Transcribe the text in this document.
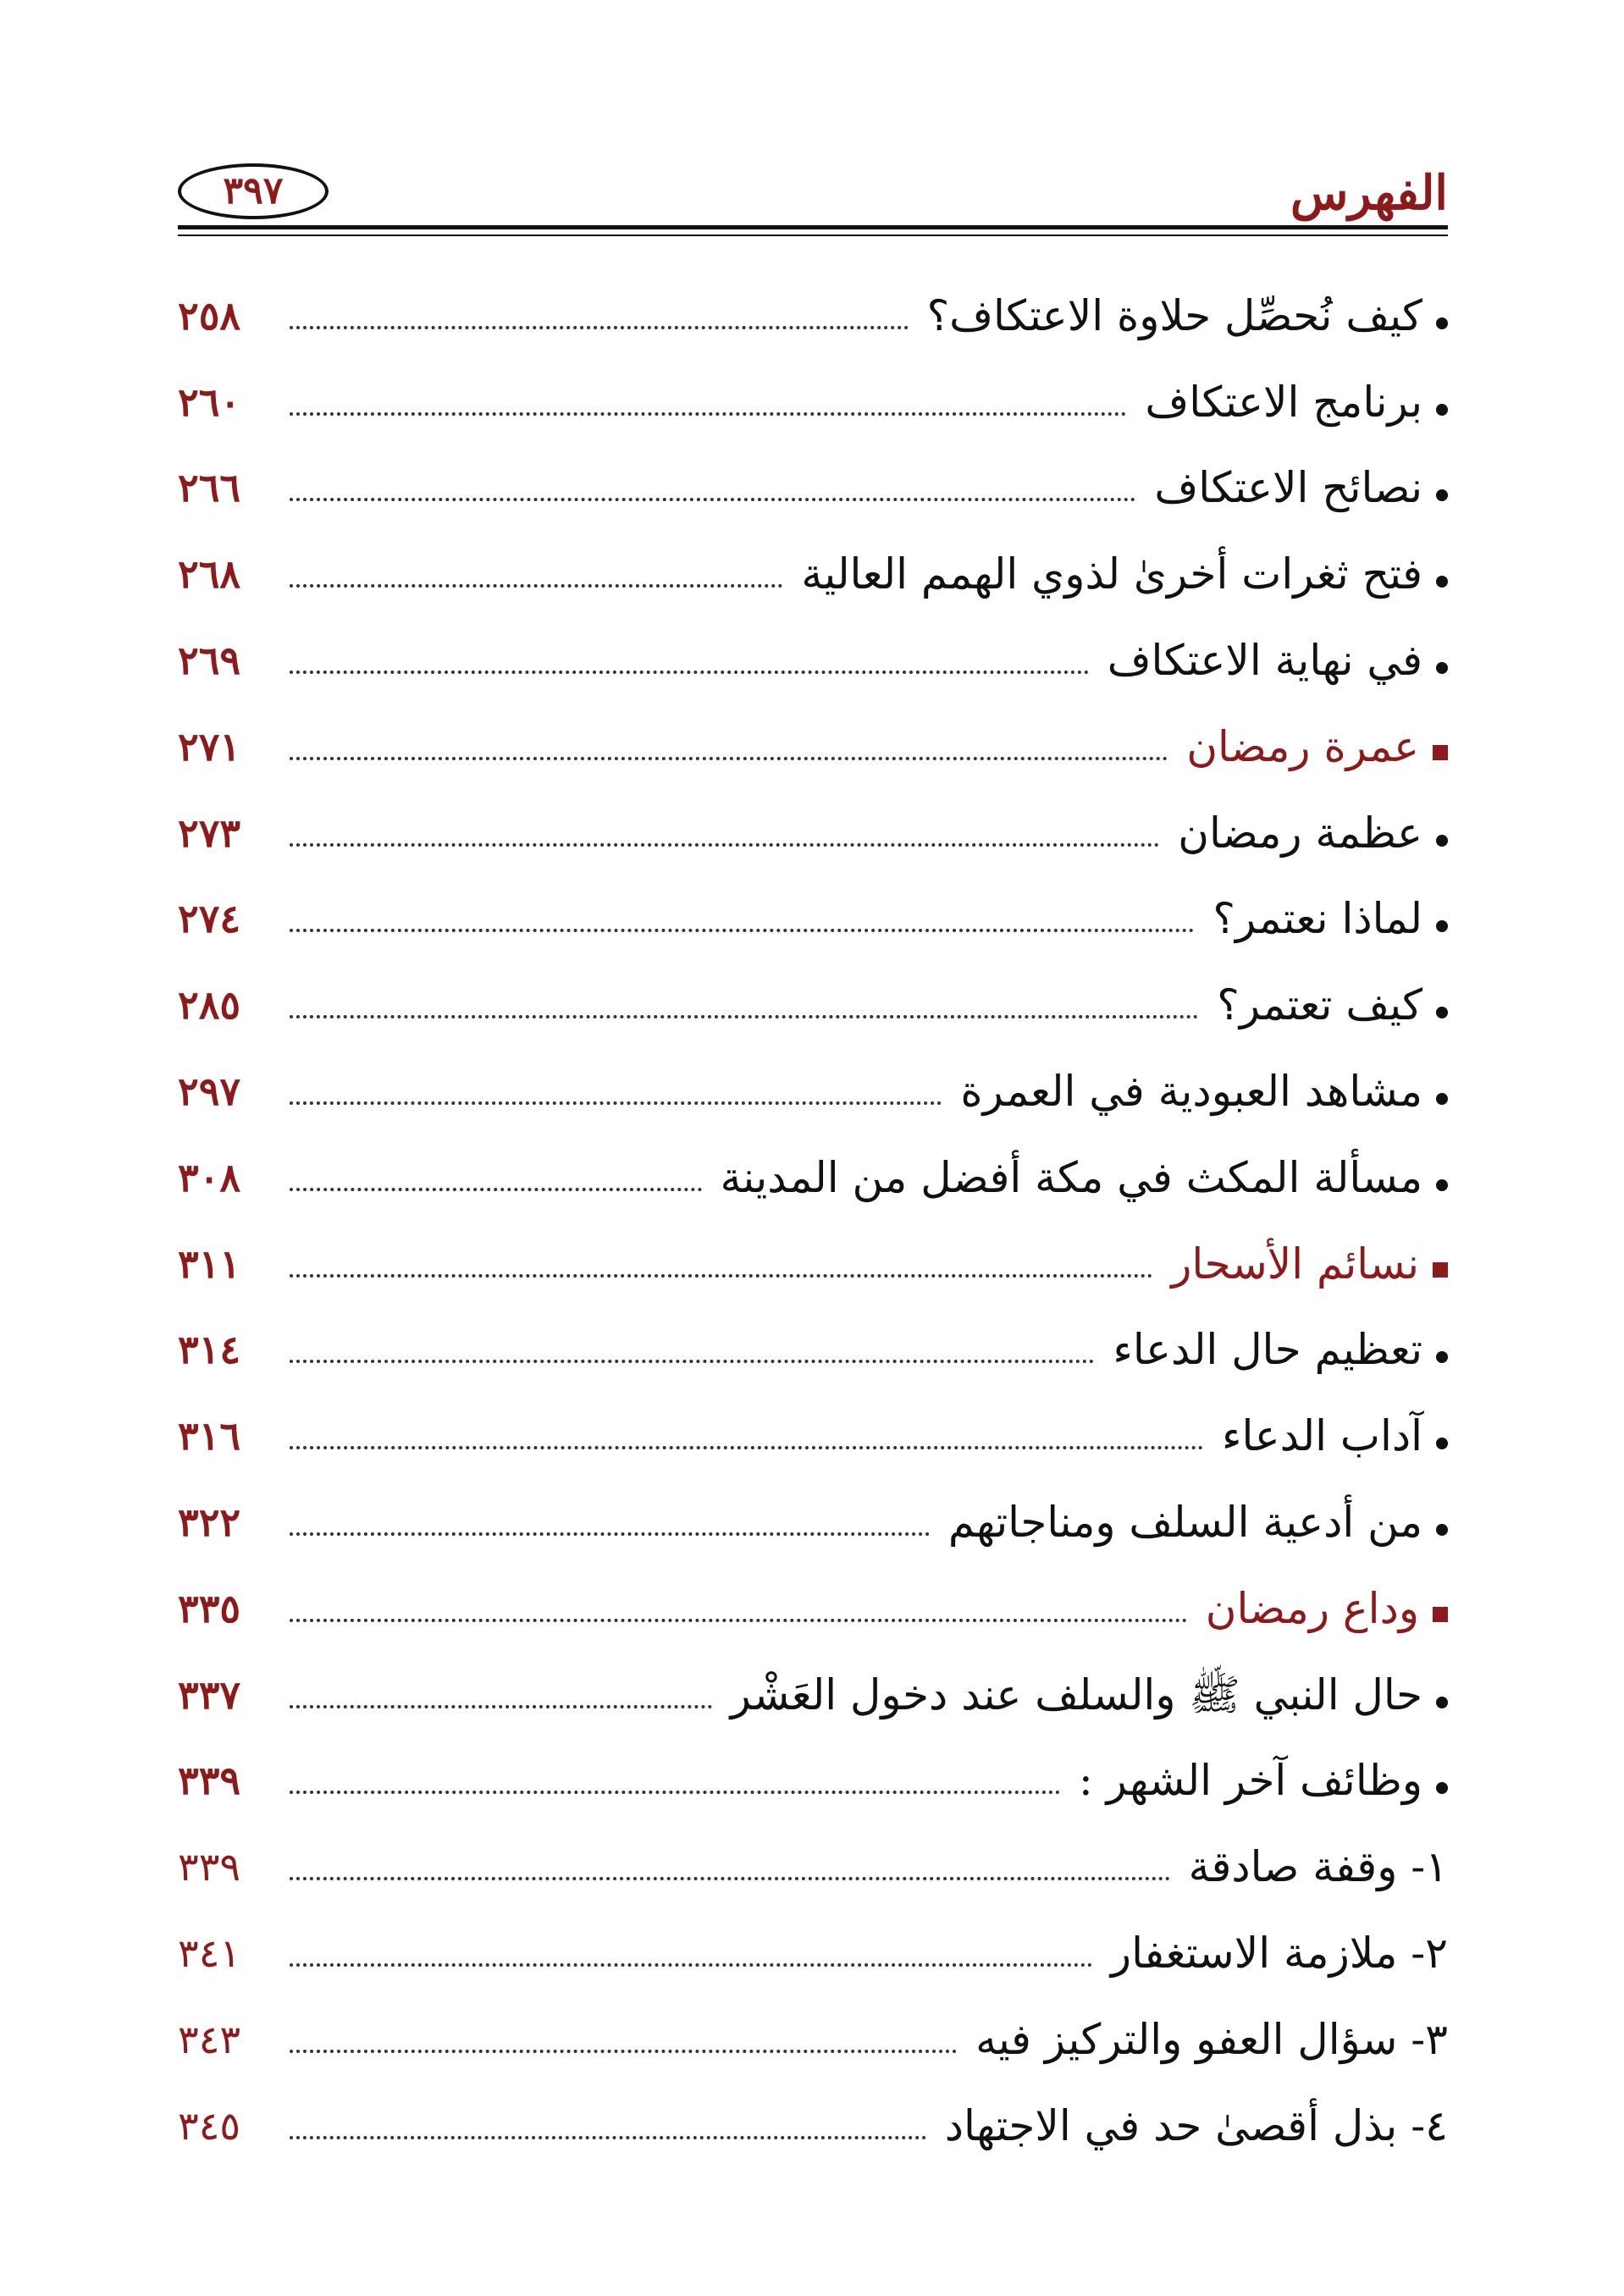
الفهرس
٣٩٧
كيف نُحصِّل حلاوة الاعتكاف؟
٢٥٨
برنامج الاعتكاف
٢٦٠
نصائح الاعتكاف
٢٦٦
فتح ثغرات أخرىٰ لذوي الهمم العالية
٢٦٨
في نهاية الاعتكاف
٢٦٩
عمرة رمضان
٢٧١
عظمة رمضان
٢٧٣
لماذا نعتمر؟
٢٧٤
كيف تعتمر؟
٢٨٥
مشاهد العبودية في العمرة
٢٩٧
مسألة المكث في مكة أفضل من المدينة
٣٠٨
نسائم الأسحار
٣١١
تعظيم حال الدعاء
٣١٤
آداب الدعاء
٣١٦
من أدعية السلف ومناجاتهم
٣٢٢
وداع رمضان
٣٣٥
حال النبي ﷺ والسلف عند دخول العَشْر
٣٣٧
وظائف آخر الشهر :
٣٣٩
١- وقفة صادقة
٣٣٩
٢- ملازمة الاستغفار
٣٤١
٣- سؤال العفو والتركيز فيه
٣٤٣
٤- بذل أقصىٰ حد في الاجتهاد
٣٤٥
